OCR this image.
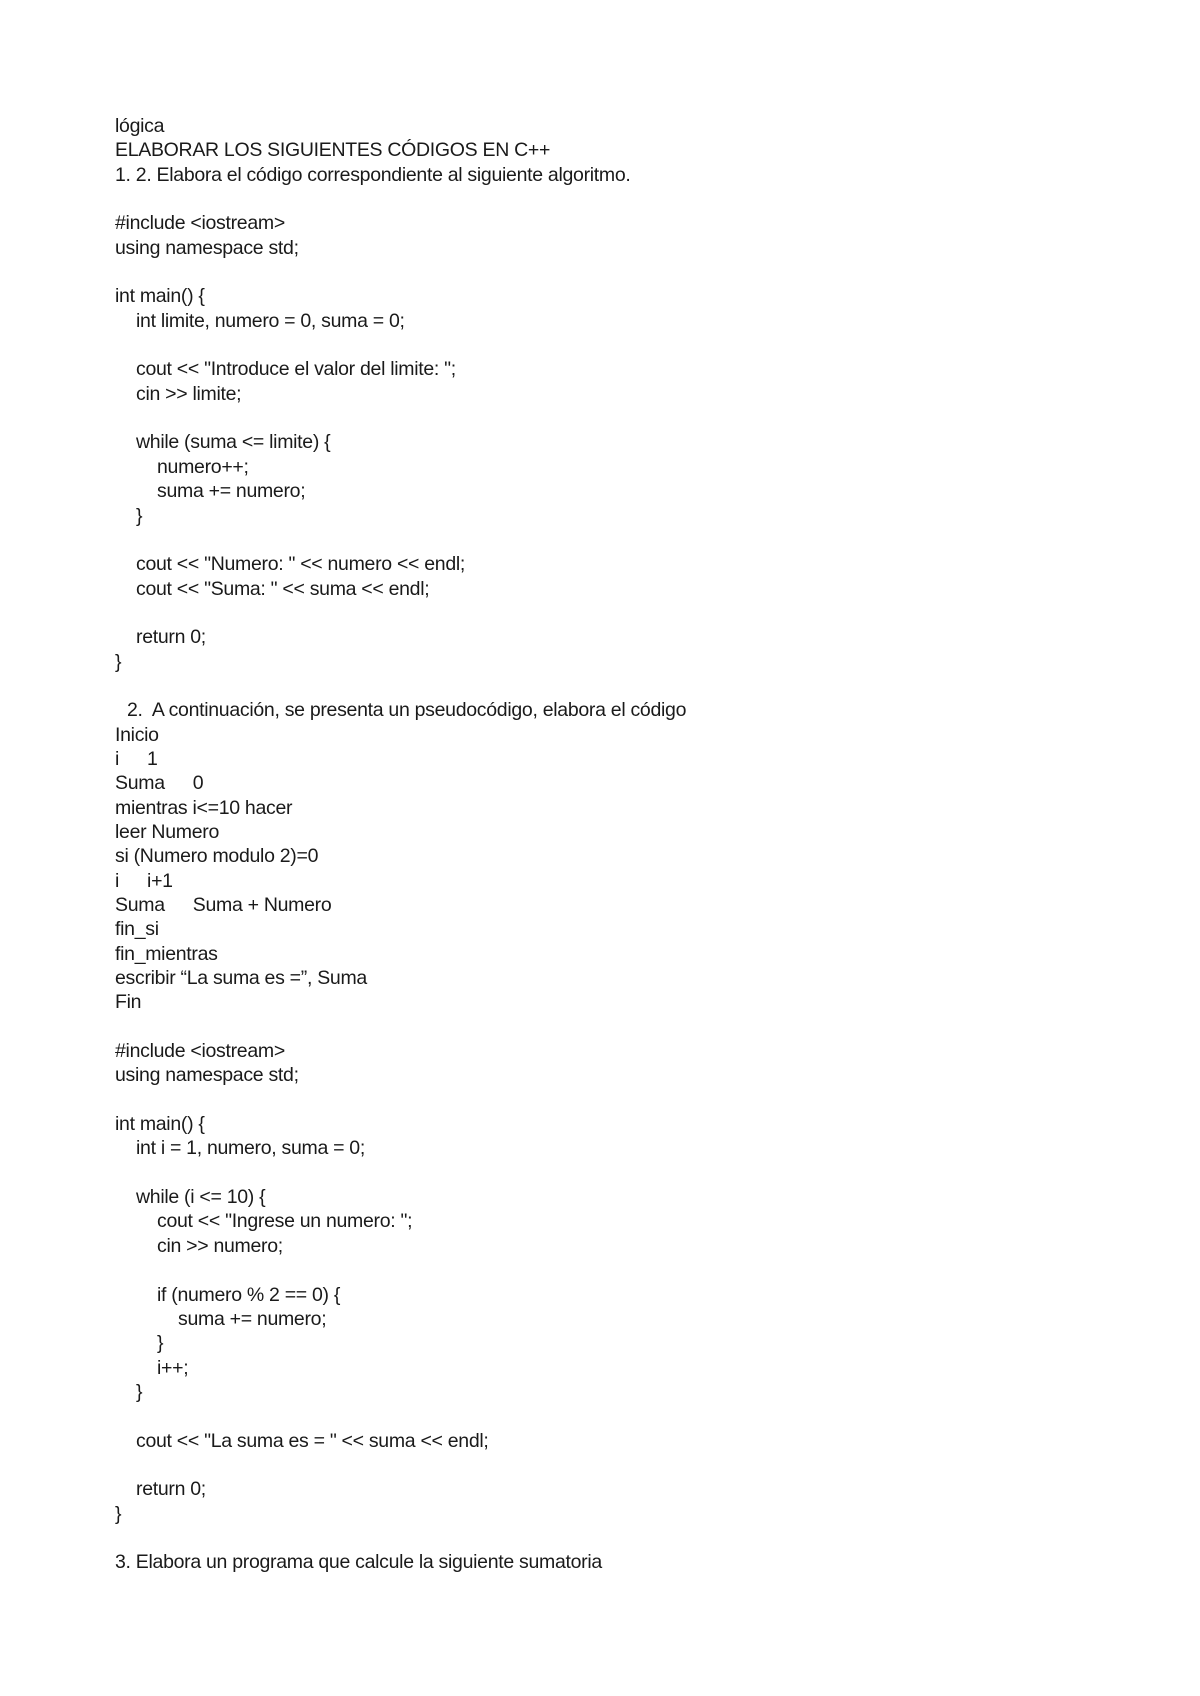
lógica
ELABORAR LOS SIGUIENTES CÓDIGOS EN C++
1. 2. Elabora el código correspondiente al siguiente algoritmo.
#include <iostream>
using namespace std;
int main() {
int limite, numero = 0, suma = 0;
cout << "Introduce el valor del limite: ";
cin >> limite;
while (suma <= limite) {
numero++;
suma += numero;
}
cout << "Numero: " << numero << endl;
cout << "Suma: " << suma << endl;
return 0;
}
2.  A continuación, se presenta un pseudocódigo, elabora el código
Inicio
i 1
Suma 0
mientras i<=10 hacer
leer Numero
si (Numero modulo 2)=0
i i+1
Suma Suma + Numero
fin_si
fin_mientras
escribir “La suma es =”, Suma
Fin
#include <iostream>
using namespace std;
int main() {
int i = 1, numero, suma = 0;
while (i <= 10) {
cout << "Ingrese un numero: ";
cin >> numero;
if (numero % 2 == 0) {
suma += numero;
}
i++;
}
cout << "La suma es = " << suma << endl;
return 0;
}
3. Elabora un programa que calcule la siguiente sumatoria
